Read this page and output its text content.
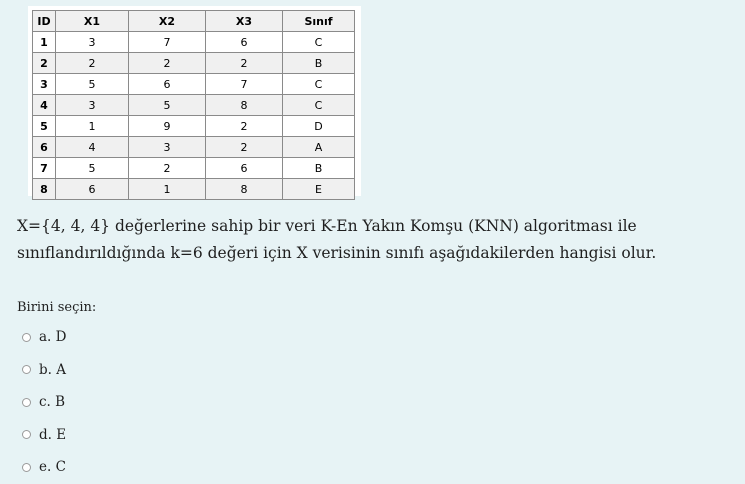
ID	X1	X2	X3	Sınıf
1	3	7	6	C
2	2	2	2	B
3	5	6	7	C
4	3	5	8	C
5	1	9	2	D
6	4	3	2	A
7	5	2	6	B
8	6	1	8	E
X={4, 4, 4} değerlerine sahip bir veri K-En Yakın Komşu (KNN) algoritması ile
sınıflandırıldığında k=6 değeri için X verisinin sınıfı aşağıdakilerden hangisi olur.
Birini seçin:
a. D
b. A
c. B
d. E
e. C
